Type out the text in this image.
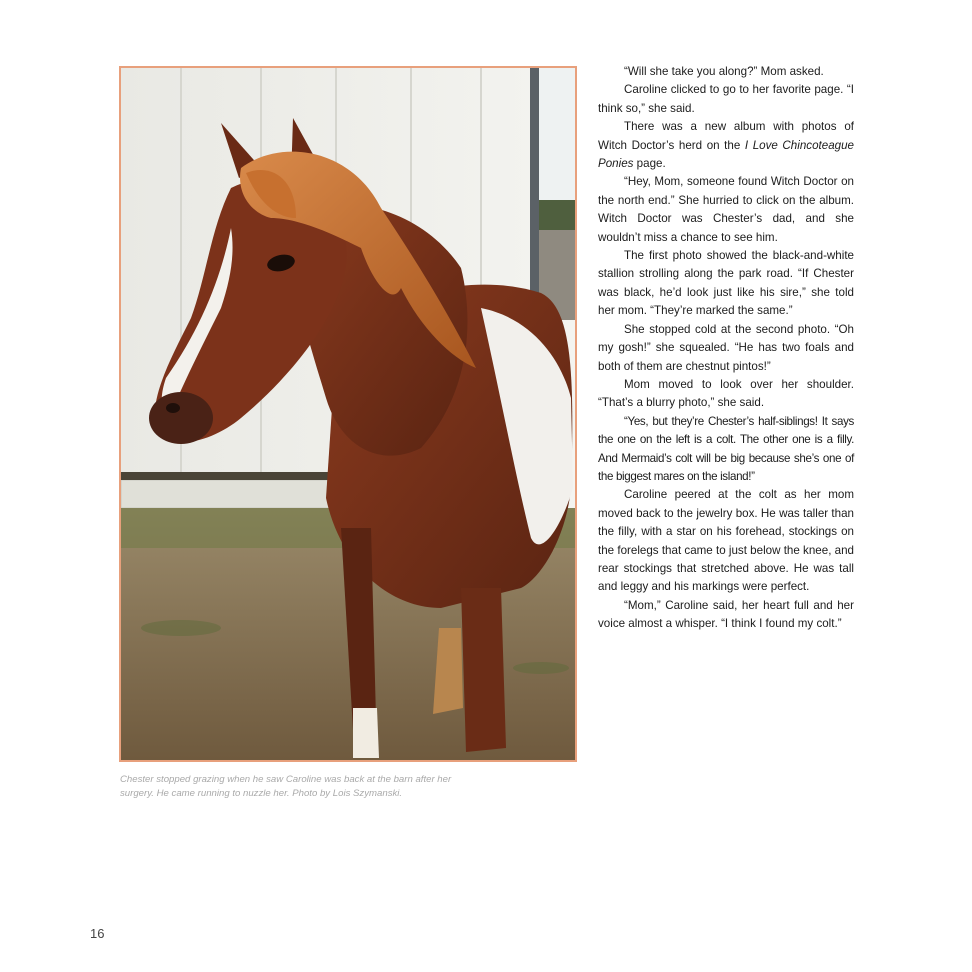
Chester stopped grazing when he saw Caroline was back at the barn after her surgery. He came running to nuzzle her. Photo by Lois Szymanski.

“Will she take you along?” Mom asked.

Caroline clicked to go to her favorite page. “I think so,” she said.

There was a new album with photos of Witch Doctor’s herd on the I Love Chincoteague Ponies page.

“Hey, Mom, someone found Witch Doctor on the north end.” She hurried to click on the album. Witch Doctor was Chester’s dad, and she wouldn’t miss a chance to see him.

The first photo showed the black-and-white stallion strolling along the park road. “If Chester was black, he’d look just like his sire,” she told her mom. “They’re marked the same.”

She stopped cold at the second photo. “Oh my gosh!” she squealed. “He has two foals and both of them are chestnut pintos!”

Mom moved to look over her shoulder. “That’s a blurry photo,” she said.

“Yes, but they’re Chester’s half-siblings! It says the one on the left is a colt. The other one is a filly. And Mermaid’s colt will be big because she’s one of the biggest mares on the island!”

Caroline peered at the colt as her mom moved back to the jewelry box. He was taller than the filly, with a star on his forehead, stockings on the forelegs that came to just below the knee, and rear stockings that stretched above. He was tall and leggy and his markings were perfect.

“Mom,” Caroline said, her heart full and her voice almost a whisper. “I think I found my colt.”

16
